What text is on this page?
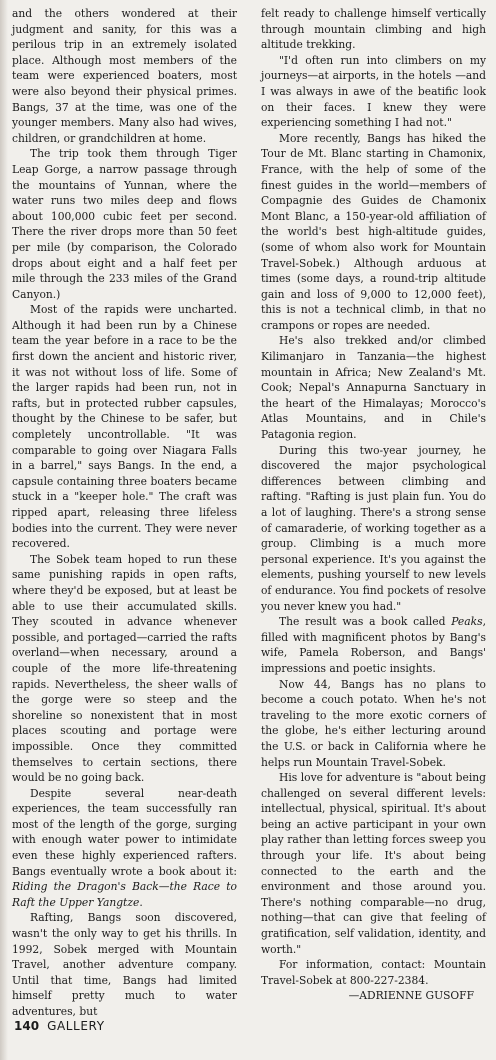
and the others wondered at their judgment and sanity, for this was a perilous trip in an extremely isolated place. Although most members of the team were experienced boaters, most were also beyond their physical primes. Bangs, 37 at the time, was one of the younger members. Many also had wives, children, or grandchildren at home.

The trip took them through Tiger Leap Gorge, a narrow passage through the mountains of Yunnan, where the water runs two miles deep and flows about 100,000 cubic feet per second. There the river drops more than 50 feet per mile (by comparison, the Colorado drops about eight and a half feet per mile through the 233 miles of the Grand Canyon.)

Most of the rapids were uncharted. Although it had been run by a Chinese team the year before in a race to be the first down the ancient and historic river, it was not without loss of life. Some of the larger rapids had been run, not in rafts, but in protected rubber capsules, thought by the Chinese to be safer, but completely uncontrollable. "It was comparable to going over Niagara Falls in a barrel," says Bangs. In the end, a capsule containing three boaters became stuck in a "keeper hole." The craft was ripped apart, releasing three lifeless bodies into the current. They were never recovered.

The Sobek team hoped to run these same punishing rapids in open rafts, where they'd be exposed, but at least be able to use their accumulated skills. They scouted in advance whenever possible, and portaged—carried the rafts overland—when necessary, around a couple of the more life-threatening rapids. Nevertheless, the sheer walls of the gorge were so steep and the shoreline so nonexistent that in most places scouting and portage were impossible. Once they committed themselves to certain sections, there would be no going back.

Despite several near-death experiences, the team successfully ran most of the length of the gorge, surging with enough water power to intimidate even these highly experienced rafters. Bangs eventually wrote a book about it: Riding the Dragon's Back—the Race to Raft the Upper Yangtze.

Rafting, Bangs soon discovered, wasn't the only way to get his thrills. In 1992, Sobek merged with Mountain Travel, another adventure company. Until that time, Bangs had limited himself pretty much to water adventures, but

felt ready to challenge himself vertically through mountain climbing and high altitude trekking.

"I'd often run into climbers on my journeys—at airports, in the hotels —and I was always in awe of the beatific look on their faces. I knew they were experiencing something I had not."

More recently, Bangs has hiked the Tour de Mt. Blanc starting in Chamonix, France, with the help of some of the finest guides in the world—members of Compagnie des Guides de Chamonix Mont Blanc, a 150-year-old affiliation of the world's best high-altitude guides, (some of whom also work for Mountain Travel-Sobek.) Although arduous at times (some days, a round-trip altitude gain and loss of 9,000 to 12,000 feet), this is not a technical climb, in that no crampons or ropes are needed.

He's also trekked and/or climbed Kilimanjaro in Tanzania—the highest mountain in Africa; New Zealand's Mt. Cook; Nepal's Annapurna Sanctuary in the heart of the Himalayas; Morocco's Atlas Mountains, and in Chile's Patagonia region.

During this two-year journey, he discovered the major psychological differences between climbing and rafting. "Rafting is just plain fun. You do a lot of laughing. There's a strong sense of camaraderie, of working together as a group. Climbing is a much more personal experience. It's you against the elements, pushing yourself to new levels of endurance. You find pockets of resolve you never knew you had."

The result was a book called Peaks, filled with magnificent photos by Bang's wife, Pamela Roberson, and Bangs' impressions and poetic insights.

Now 44, Bangs has no plans to become a couch potato. When he's not traveling to the more exotic corners of the globe, he's either lecturing around the U.S. or back in California where he helps run Mountain Travel-Sobek.

His love for adventure is "about being challenged on several different levels: intellectual, physical, spiritual. It's about being an active participant in your own play rather than letting forces sweep you through your life. It's about being connected to the earth and the environment and those around you. There's nothing comparable—no drug, nothing—that can give that feeling of gratification, self validation, identity, and worth."

For information, contact: Mountain Travel-Sobek at 800-227-2384.

—ADRIENNE GUSOFF

140 GALLERY
